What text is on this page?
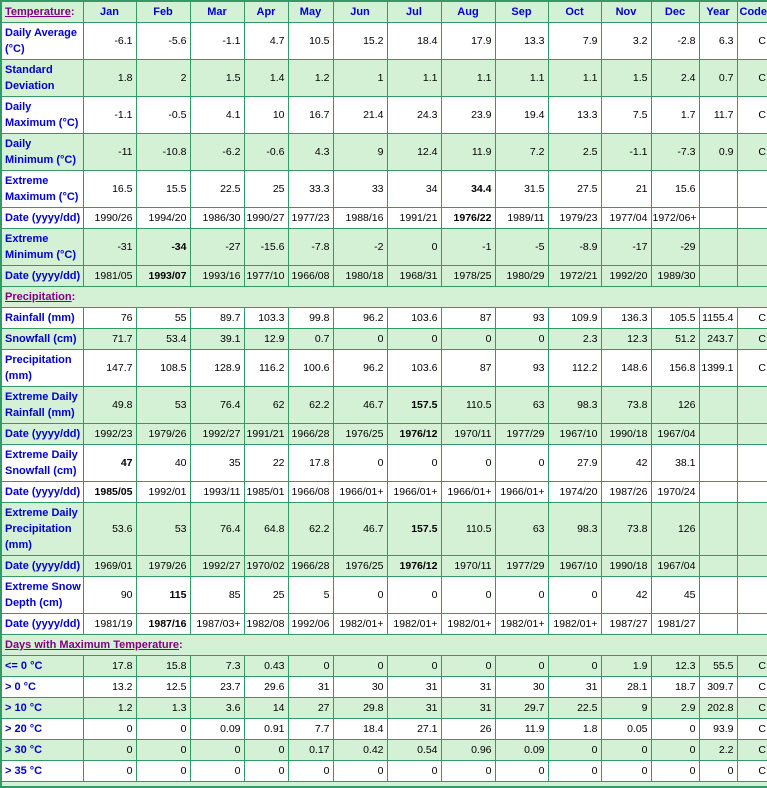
Temperature:	Jan	Feb	Mar	Apr	May	Jun	Jul	Aug	Sep	Oct	Nov	Dec	Year	Code
Daily Average (°C)	-6.1	-5.6	-1.1	4.7	10.5	15.2	18.4	17.9	13.3	7.9	3.2	-2.8	6.3	C
Standard Deviation	1.8	2	1.5	1.4	1.2	1	1.1	1.1	1.1	1.1	1.5	2.4	0.7	C
Daily Maximum (°C)	-1.1	-0.5	4.1	10	16.7	21.4	24.3	23.9	19.4	13.3	7.5	1.7	11.7	C
Daily Minimum (°C)	-11	-10.8	-6.2	-0.6	4.3	9	12.4	11.9	7.2	2.5	-1.1	-7.3	0.9	C
Extreme Maximum (°C)	16.5	15.5	22.5	25	33.3	33	34	34.4	31.5	27.5	21	15.6		
Date (yyyy/dd)	1990/26	1994/20	1986/30	1990/27	1977/23	1988/16	1991/21	1976/22	1989/11	1979/23	1977/04	1972/06+		
Extreme Minimum (°C)	-31	-34	-27	-15.6	-7.8	-2	0	-1	-5	-8.9	-17	-29		
Date (yyyy/dd)	1981/05	1993/07	1993/16	1977/10	1966/08	1980/18	1968/31	1978/25	1980/29	1972/21	1992/20	1989/30		
Precipitation:														
Rainfall (mm)	76	55	89.7	103.3	99.8	96.2	103.6	87	93	109.9	136.3	105.5	1155.4	C
Snowfall (cm)	71.7	53.4	39.1	12.9	0.7	0	0	0	0	2.3	12.3	51.2	243.7	C
Precipitation (mm)	147.7	108.5	128.9	116.2	100.6	96.2	103.6	87	93	112.2	148.6	156.8	1399.1	C
Extreme Daily Rainfall (mm)	49.8	53	76.4	62	62.2	46.7	157.5	110.5	63	98.3	73.8	126		
Date (yyyy/dd)	1992/23	1979/26	1992/27	1991/21	1966/28	1976/25	1976/12	1970/11	1977/29	1967/10	1990/18	1967/04		
Extreme Daily Snowfall (cm)	47	40	35	22	17.8	0	0	0	0	27.9	42	38.1		
Date (yyyy/dd)	1985/05	1992/01	1993/11	1985/01	1966/08	1966/01+	1966/01+	1966/01+	1966/01+	1974/20	1987/26	1970/24		
Extreme Daily Precipitation (mm)	53.6	53	76.4	64.8	62.2	46.7	157.5	110.5	63	98.3	73.8	126		
Date (yyyy/dd)	1969/01	1979/26	1992/27	1970/02	1966/28	1976/25	1976/12	1970/11	1977/29	1967/10	1990/18	1967/04		
Extreme Snow Depth (cm)	90	115	85	25	5	0	0	0	0	0	42	45		
Date (yyyy/dd)	1981/19	1987/16	1987/03+	1982/08	1992/06	1982/01+	1982/01+	1982/01+	1982/01+	1982/01+	1987/27	1981/27		
Days with Maximum Temperature:														
<= 0 °C	17.8	15.8	7.3	0.43	0	0	0	0	0	0	1.9	12.3	55.5	C
> 0 °C	13.2	12.5	23.7	29.6	31	30	31	31	30	31	28.1	18.7	309.7	C
> 10 °C	1.2	1.3	3.6	14	27	29.8	31	31	29.7	22.5	9	2.9	202.8	C
> 20 °C	0	0	0.09	0.91	7.7	18.4	27.1	26	11.9	1.8	0.05	0	93.9	C
> 30 °C	0	0	0	0	0.17	0.42	0.54	0.96	0.09	0	0	0	2.2	C
> 35 °C	0	0	0	0	0	0	0	0	0	0	0	0	0	C
